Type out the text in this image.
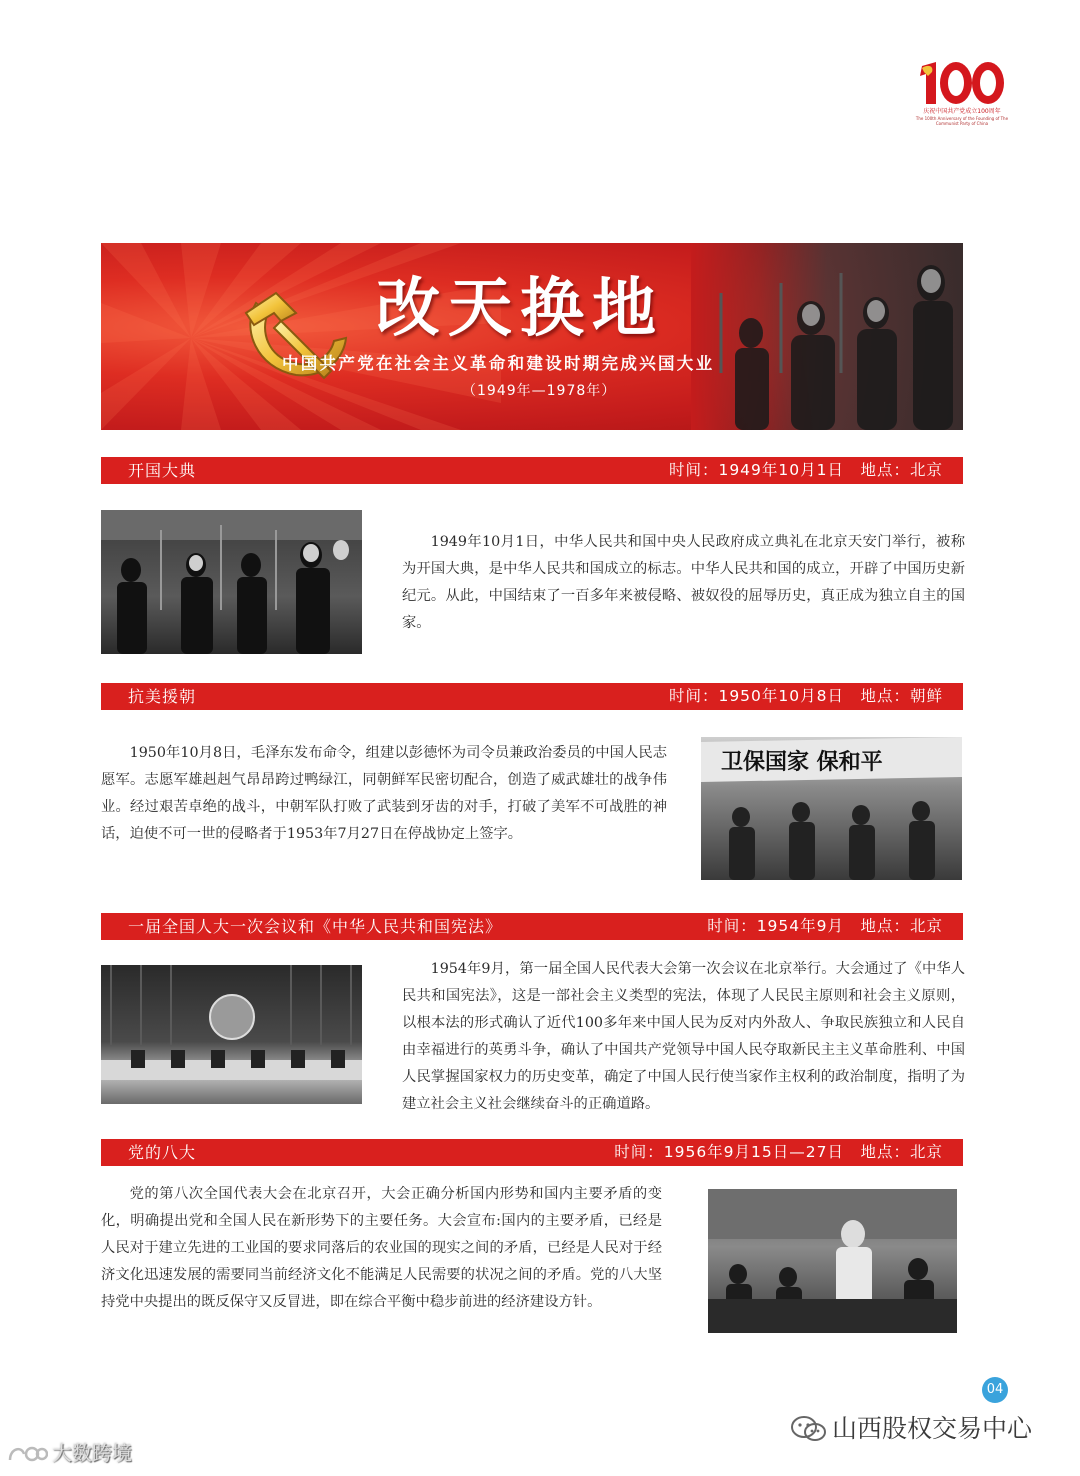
庆祝中国共产党成立100周年
The 100th Anniversary of the Founding of The Communist Party of China
改天换地
中国共产党在社会主义革命和建设时期完成兴国大业
（1949年—1978年）
开国大典	时间：1949年10月1日　地点：北京

1949年10月1日，中华人民共和国中央人民政府成立典礼在北京天安门举行，被称为开国大典，是中华人民共和国成立的标志。中华人民共和国的成立，开辟了中国历史新纪元。从此，中国结束了一百多年来被侵略、被奴役的屈辱历史，真正成为独立自主的国家。

抗美援朝	时间：1950年10月8日　地点：朝鲜

1950年10月8日，毛泽东发布命令，组建以彭德怀为司令员兼政治委员的中国人民志愿军。志愿军雄赳赳气昂昂跨过鸭绿江，同朝鲜军民密切配合，创造了威武雄壮的战争伟业。经过艰苦卓绝的战斗，中朝军队打败了武装到牙齿的对手，打破了美军不可战胜的神话，迫使不可一世的侵略者于1953年7月27日在停战协定上签字。

卫保国家 保和平
一届全国人大一次会议和《中华人民共和国宪法》	时间：1954年9月　地点：北京

1954年9月，第一届全国人民代表大会第一次会议在北京举行。大会通过了《中华人民共和国宪法》，这是一部社会主义类型的宪法，体现了人民民主原则和社会主义原则，以根本法的形式确认了近代100多年来中国人民为反对内外敌人、争取民族独立和人民自由幸福进行的英勇斗争，确认了中国共产党领导中国人民夺取新民主主义革命胜利、中国人民掌握国家权力的历史变革，确定了中国人民行使当家作主权利的政治制度，指明了为建立社会主义社会继续奋斗的正确道路。

党的八大	时间：1956年9月15日—27日　地点：北京

党的第八次全国代表大会在北京召开，大会正确分析国内形势和国内主要矛盾的变化，明确提出党和全国人民在新形势下的主要任务。大会宣布:国内的主要矛盾，已经是人民对于建立先进的工业国的要求同落后的农业国的现实之间的矛盾，已经是人民对于经济文化迅速发展的需要同当前经济文化不能满足人民需要的状况之间的矛盾。党的八大坚持党中央提出的既反保守又反冒进，即在综合平衡中稳步前进的经济建设方针。

04
山西股权交易中心
大数跨境
